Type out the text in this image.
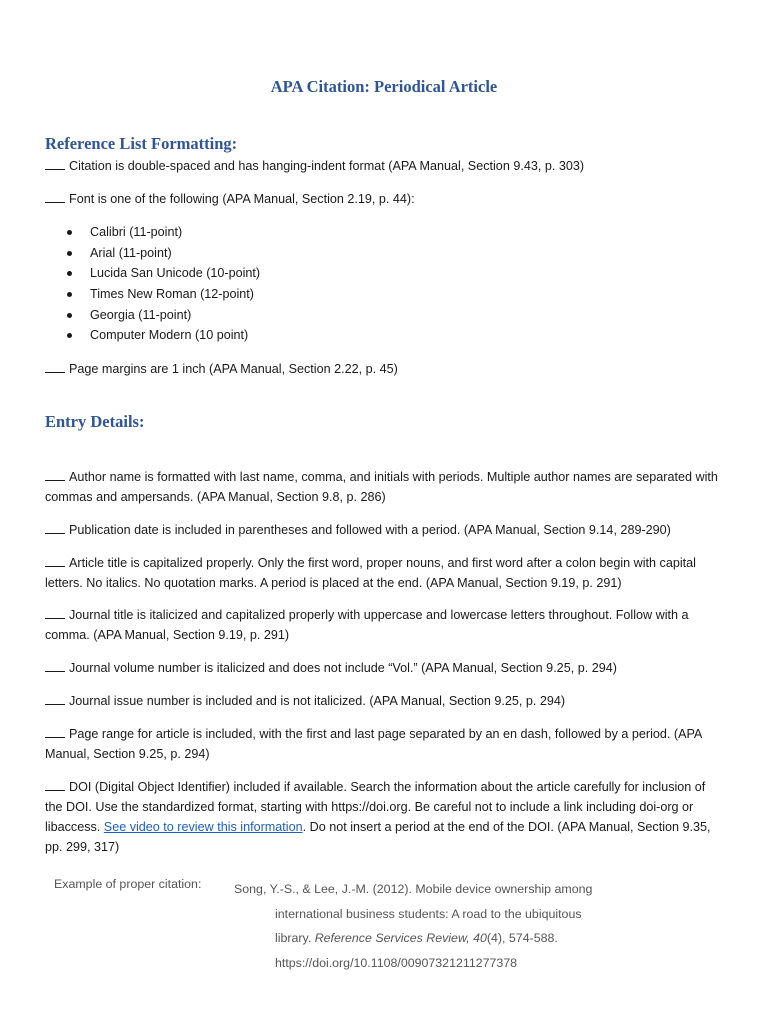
APA Citation: Periodical Article
Reference List Formatting:

Citation is double-spaced and has hanging-indent format (APA Manual, Section 9.43, p. 303)

Font is one of the following (APA Manual, Section 2.19, p. 44):

Calibri (11-point)
Arial (11-point)
Lucida San Unicode (10-point)
Times New Roman (12-point)
Georgia (11-point)
Computer Modern (10 point)

Page margins are 1 inch (APA Manual, Section 2.22, p. 45)

Entry Details:

Author name is formatted with last name, comma, and initials with periods. Multiple author names are separated with commas and ampersands. (APA Manual, Section 9.8, p. 286)

Publication date is included in parentheses and followed with a period. (APA Manual, Section 9.14, 289-290)

Article title is capitalized properly. Only the first word, proper nouns, and first word after a colon begin with capital letters. No italics. No quotation marks. A period is placed at the end. (APA Manual, Section 9.19, p. 291)

Journal title is italicized and capitalized properly with uppercase and lowercase letters throughout. Follow with a comma. (APA Manual, Section 9.19, p. 291)

Journal volume number is italicized and does not include “Vol.” (APA Manual, Section 9.25, p. 294)

Journal issue number is included and is not italicized. (APA Manual, Section 9.25, p. 294)

Page range for article is included, with the first and last page separated by an en dash, followed by a period. (APA Manual, Section 9.25, p. 294)

DOI (Digital Object Identifier) included if available. Search the information about the article carefully for inclusion of the DOI. Use the standardized format, starting with https://doi.org. Be careful not to include a link including doi-org or libaccess. See video to review this information. Do not insert a period at the end of the DOI. (APA Manual, Section 9.35, pp. 299, 317)

Example of proper citation:	Song, Y.-S., & Lee, J.-M. (2012). Mobile device ownership among
international business students: A road to the ubiquitous
library. Reference Services Review, 40(4), 574-588.
https://doi.org/10.1108/00907321211277378
